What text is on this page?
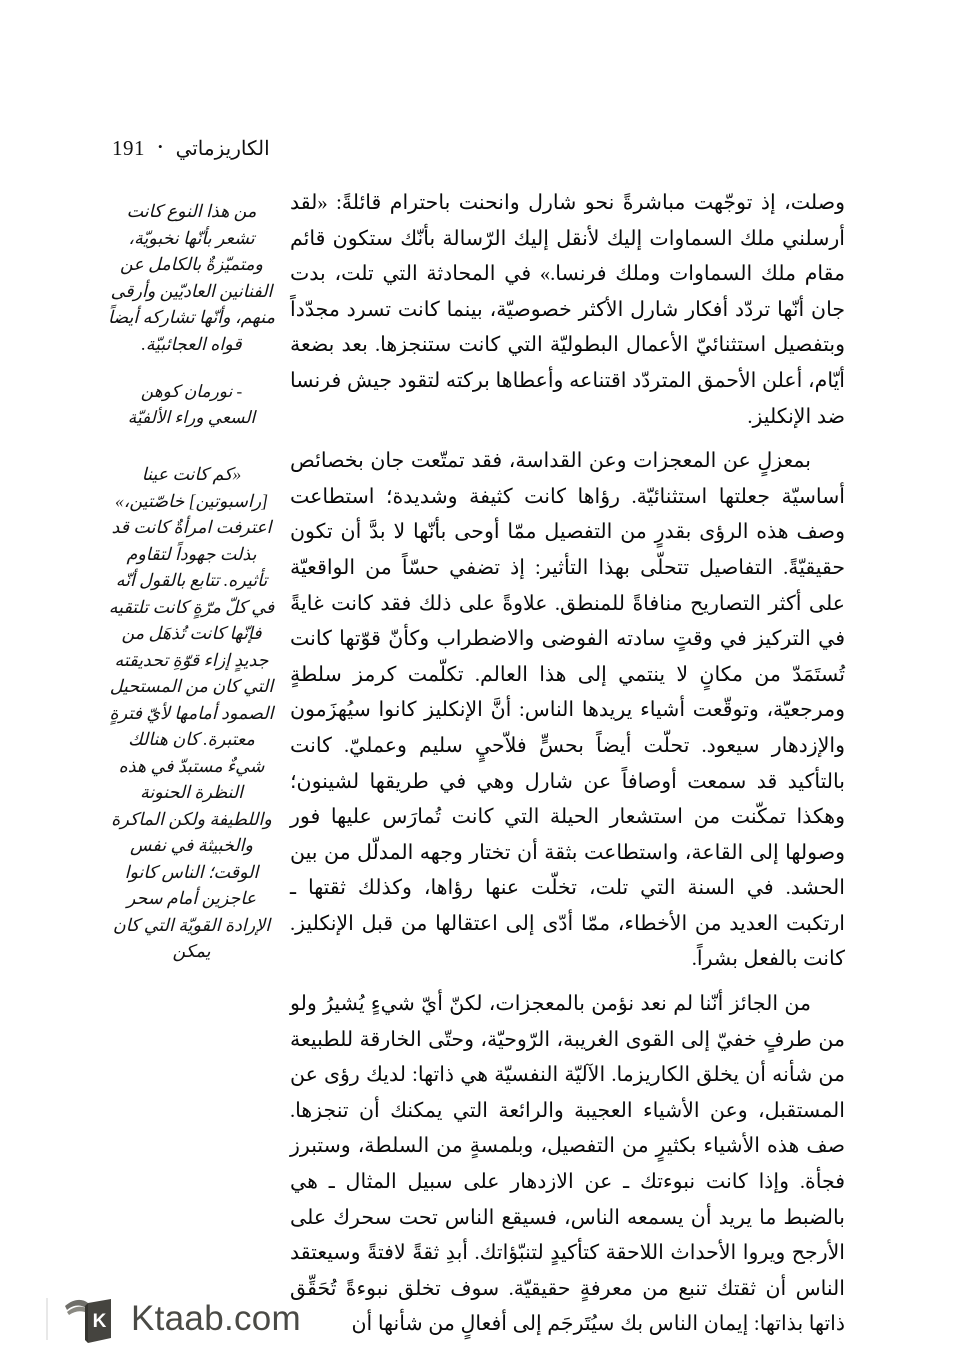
191 • الكاريزماتي

وصلت، إذ توجّهت مباشرةً نحو شارل وانحنت باحترام قائلةً: «لقد أرسلني ملك السماوات إليك لأنقل إليك الرّسالة بأنّك ستكون قائم مقام ملك السماوات وملك فرنسا.» في المحادثة التي تلت، بدت جان أنّها تردّد أفكار شارل الأكثر خصوصيّة، بينما كانت تسرد مجدّداً وبتفصيل استثنائيّ الأعمال البطوليّة التي كانت ستنجزها. بعد بضعة أيّام، أعلن الأحمق المتردّد اقتناعه وأعطاها بركته لتقود جيش فرنسا ضد الإنكليز.

بمعزلٍ عن المعجزات وعن القداسة، فقد تمتّعت جان بخصائص أساسيّة جعلتها استثنائيّة. رؤاها كانت كثيفة وشديدة؛ استطاعت وصف هذه الرؤى بقدرٍ من التفصيل ممّا أوحى بأنّها لا بدَّ أن تكون حقيقيّةً. التفاصيل تتحلّى بهذا التأثير: إذ تضفي حسّاً من الواقعيّة على أكثر التصاريح منافاةً للمنطق. علاوةً على ذلك فقد كانت غايةً في التركيز في وقتٍ سادته الفوضى والاضطراب وكأنّ قوّتها كانت تُستَمَدّ من مكانٍ لا ينتمي إلى هذا العالم. تكلّمت كرمز سلطةٍ ومرجعيّة، وتوقّعت أشياء يريدها الناس: أنَّ الإنكليز كانوا سيُهزَمون والإزدهار سيعود. تحلّت أيضاً بحسٍّ فلاّحيٍ سليم وعمليّ. كانت بالتأكيد قد سمعت أوصافاً عن شارل وهي في طريقها لشينون؛ وهكذا تمكّنت من استشعار الحيلة التي كانت تُمارَس عليها فور وصولها إلى القاعة، واستطاعت بثقة أن تختار وجهه المدلّل من بين الحشد. في السنة التي تلت، تخلّت عنها رؤاها، وكذلك ثقتها ـ ارتكبت العديد من الأخطاء، ممّا أدّى إلى اعتقالها من قبل الإنكليز. كانت بالفعل بشراً.

من الجائز أنّنا لم نعد نؤمن بالمعجزات، لكنّ أيّ شيءٍ يُشيرُ ولو من طرفٍ خفيّ إلى القوى الغريبة، الرّوحيّة، وحتّى الخارقة للطبيعة من شأنه أن يخلق الكاريزما. الآليّة النفسيّة هي ذاتها: لديك رؤى عن المستقبل، وعن الأشياء العجيبة والرائعة التي يمكنك أن تنجزها. صف هذه الأشياء بكثيرٍ من التفصيل، وبلمسةٍ من السلطة، وستبرز فجأة. وإذا كانت نبوءتك ـ عن الازدهار على سبيل المثال ـ هي بالضبط ما يريد أن يسمعه الناس، فسيقع الناس تحت سحرك على الأرجح ويروا الأحداث اللاحقة كتأكيدٍ لتنبّؤاتك. أبدِ ثقةً لافتةً وسيعتقد الناس أن ثقتك تنبع من معرفةٍ حقيقيّة. سوف تخلق نبوءةً تُحَقِّق ذاتها بذاتها: إيمان الناس بك سيُتَرجَم إلى أفعالٍ من شأنها أن

من هذا النوع كانت تشعر بأنّها نخبويّة، ومتميّزةٌ بالكامل عن الفنانين العاديّين وأرقى منهم، وأنّها تشاركه أيضاً قواه العجائبيّة.
- نورمان كوهن
السعي وراء الألفيّة
«كم كانت عينا [راسبوتين] خاصّتين،» اعترفت امرأةٌ كانت قد بذلت جهوداً لتقاوم تأثيره. تتابع بالقول أنّه في كلّ مرّةٍ كانت تلتقيه فإنّها كانت تُذهَل من جديدٍ إزاء قوّةِ تحديقته التي كان من المستحيل الصمود أمامها لأيّ فترةٍ معتبرة. كان هنالك شيءٌ مستبدّ في هذه النظرة الحنونة واللطيفة ولكن الماكرة والخبيثة في نفس الوقت؛ الناس كانوا عاجزين أمام سحر الإرادة القويّة التي كان يمكن
K Ktaab.com
